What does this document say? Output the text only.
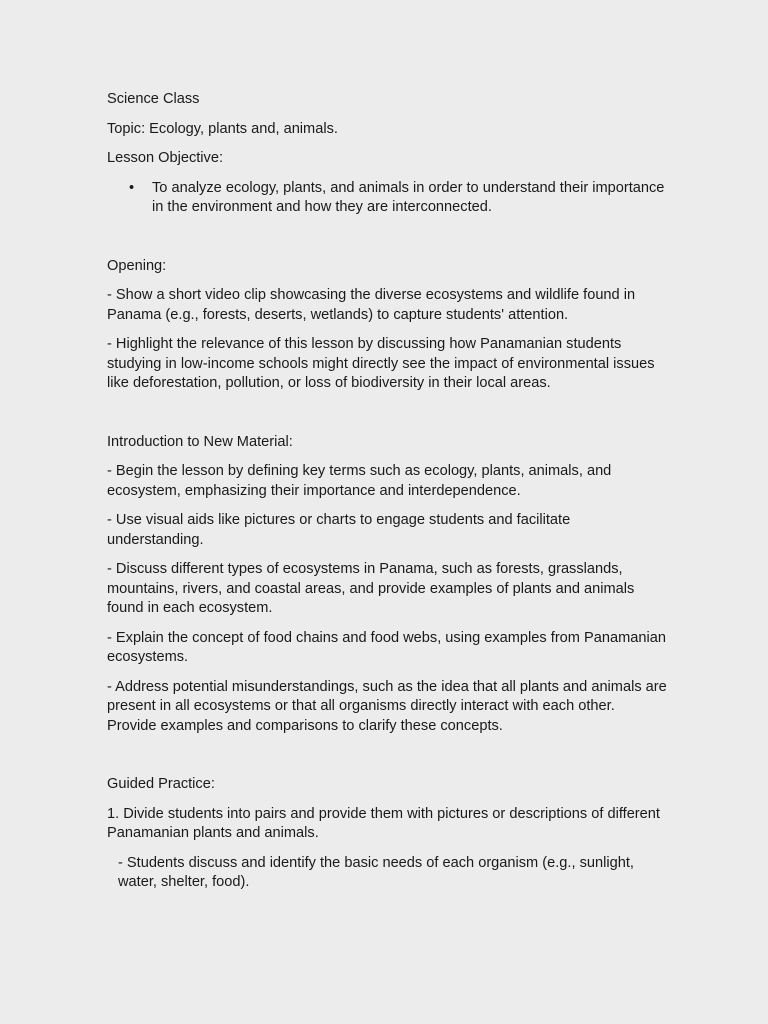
Science Class

Topic: Ecology, plants and, animals.

Lesson Objective:

• To analyze ecology, plants, and animals in order to understand their importance in the environment and how they are interconnected.

Opening:

- Show a short video clip showcasing the diverse ecosystems and wildlife found in Panama (e.g., forests, deserts, wetlands) to capture students' attention.

- Highlight the relevance of this lesson by discussing how Panamanian students studying in low-income schools might directly see the impact of environmental issues like deforestation, pollution, or loss of biodiversity in their local areas.

Introduction to New Material:

- Begin the lesson by defining key terms such as ecology, plants, animals, and ecosystem, emphasizing their importance and interdependence.

- Use visual aids like pictures or charts to engage students and facilitate understanding.

- Discuss different types of ecosystems in Panama, such as forests, grasslands, mountains, rivers, and coastal areas, and provide examples of plants and animals found in each ecosystem.

- Explain the concept of food chains and food webs, using examples from Panamanian ecosystems.

- Address potential misunderstandings, such as the idea that all plants and animals are present in all ecosystems or that all organisms directly interact with each other. Provide examples and comparisons to clarify these concepts.

Guided Practice:

1. Divide students into pairs and provide them with pictures or descriptions of different Panamanian plants and animals.

- Students discuss and identify the basic needs of each organism (e.g., sunlight, water, shelter, food).
